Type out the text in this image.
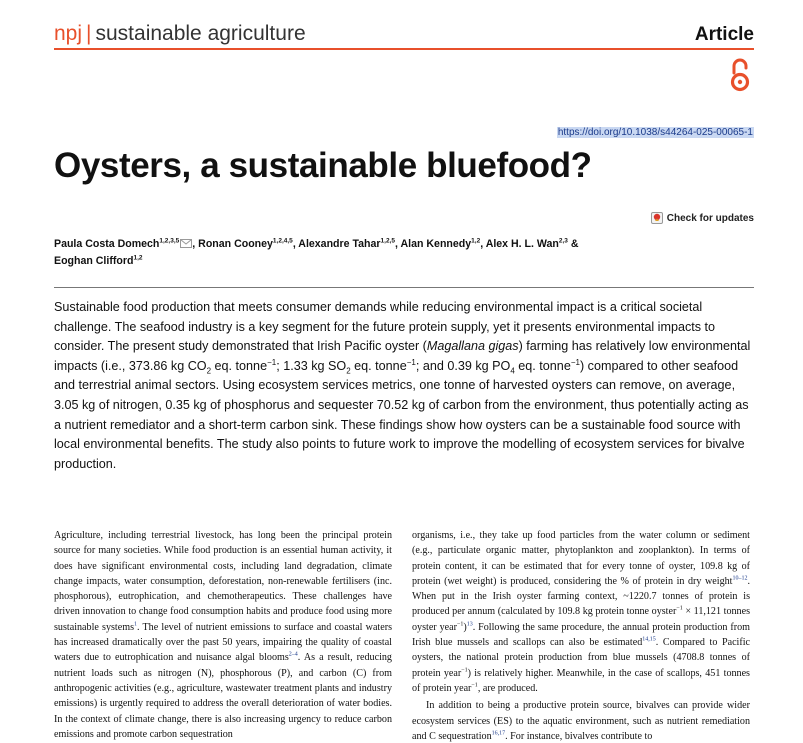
npj | sustainable agriculture	Article
https://doi.org/10.1038/s44264-025-00065-1
Oysters, a sustainable bluefood?
Check for updates
Paula Costa Domech$^{1,2,3,5}$ , Ronan Cooney$^{1,2,4,5}$, Alexandre Tahar$^{1,2,5}$, Alan Kennedy$^{1,2}$, Alex H. L. Wan$^{2,3}$ &
Eoghan Clifford$^{1,2}$
Sustainable food production that meets consumer demands while reducing environmental impact is a critical societal challenge. The seafood industry is a key segment for the future protein supply, yet it presents environmental impacts to consider. The present study demonstrated that Irish Pacific oyster (Magallana gigas) farming has relatively low environmental impacts (i.e., 373.86 kg $CO_2$ eq. tonne$^{-1}$; 1.33 kg $SO_2$ eq. tonne$^{-1}$; and 0.39 kg $PO_4$ eq. tonne$^{-1}$) compared to other seafood and terrestrial animal sectors. Using ecosystem services metrics, one tonne of harvested oysters can remove, on average, 3.05 kg of nitrogen, 0.35 kg of phosphorus and sequester 70.52 kg of carbon from the environment, thus potentially acting as a nutrient remediator and a short-term carbon sink. These findings show how oysters can be a sustainable food source with local environmental benefits. The study also points to future work to improve the modelling of ecosystem services for bivalve production.

Agriculture, including terrestrial livestock, has long been the principal protein source for many societies. While food production is an essential human activity, it does have significant environmental costs, including land degradation, climate change impacts, water consumption, deforestation, non-renewable fertilisers (inc. phosphorous), eutrophication, and chemotherapeutics. These challenges have driven innovation to change food consumption habits and produce food using more sustainable systems$^1$. The level of nutrient emissions to surface and coastal waters has increased dramatically over the past 50 years, impairing the quality of coastal waters due to eutrophication and nuisance algal blooms$^{2-4}$. As a result, reducing nutrient loads such as nitrogen (N), phosphorous (P), and carbon (C) from anthropogenic activities (e.g., agriculture, wastewater treatment plants and industry emissions) is urgently required to address the overall deterioration of water bodies. In the context of climate change, there is also increasing urgency to reduce carbon emissions and promote carbon sequestration

organisms, i.e., they take up food particles from the water column or sediment (e.g., particulate organic matter, phytoplankton and zooplankton). In terms of protein content, it can be estimated that for every tonne of oyster, 109.8 kg of protein (wet weight) is produced, considering the % of protein in dry weight$^{10-12}$. When put in the Irish oyster farming context, ~1220.7 tonnes of protein is produced per annum (calculated by 109.8 kg protein tonne oyster$^{-1}$ × 11,121 tonnes oyster year$^{-1}$)$^{13}$. Following the same procedure, the annual protein production from Irish blue mussels and scallops can also be estimated$^{14,15}$. Compared to Pacific oysters, the national protein production from blue mussels (4708.8 tonnes of protein year$^{-1}$) is relatively higher. Meanwhile, in the case of scallops, 451 tonnes of protein year$^{-1}$, are produced.

In addition to being a productive protein source, bivalves can provide wider ecosystem services (ES) to the aquatic environment, such as nutrient remediation and C sequestration$^{16,17}$. For instance, bivalves contribute to
